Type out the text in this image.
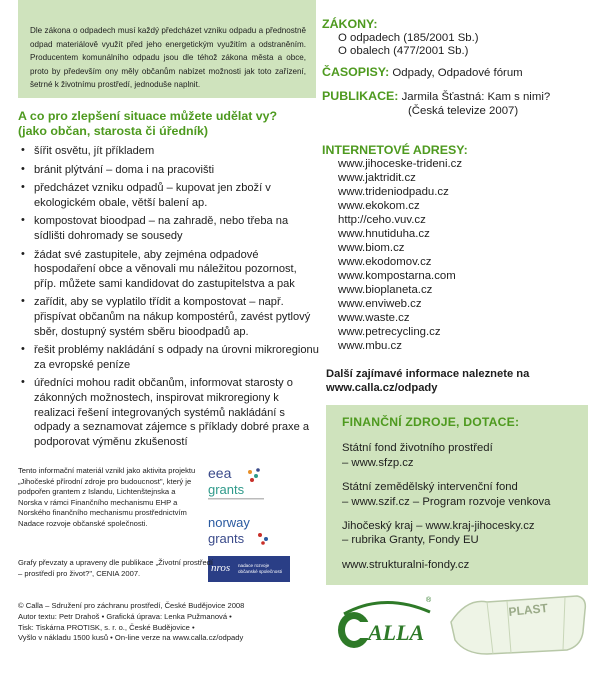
Dle zákona o odpadech musí každý předcházet vzniku odpadu a přednostně odpad materiálově využít před jeho energetickým využitím a odstraněním. Producentem komunálního odpadu jsou dle téhož zákona města a obce, proto by především ony měly občanům nabízet možnosti jak toto zařízení, šetrné k životnímu prostředí, jednoduše naplnit.
A co pro zlepšení situace můžete udělat vy? (jako občan, starosta či úředník)
• šířit osvětu, jít příkladem
• bránit plýtvání – doma i na pracovišti
• předcházet vzniku odpadů – kupovat jen zboží v ekologickém obale, větší balení ap.
• kompostovat bioodpad – na zahradě, nebo třeba na sídlišti dohromady se sousedy
• žádat své zastupitele, aby zejména odpadové hospodaření obce a věnovali mu náležitou pozornost, příp. můžete sami kandidovat do zastupitelstva a pak
• zařídit, aby se vyplatilo třídit a kompostovat – např. přispívat občanům na nákup kompostérů, zavést pytlový sběr, dostupný systém sběru bioodpadů ap.
• řešit problémy nakládání s odpady na úrovni mikroregionu za evropské peníze
• úředníci mohou radit občanům, informovat starosty o zákonných možnostech, inspirovat mikroregiony k realizaci řešení integrovaných systémů nakládání s odpady a seznamovat zájemce s příklady dobré praxe a podporovat výměnu zkušeností
Tento informační materiál vznikl jako aktivita projektu „Jihočeské přírodní zdroje pro budoucnost", který je podpořen grantem z Islandu, Lichtenštejnska a Norska v rámci Finančního mechanismu EHP a Norského finančního mechanismu prostřednictvím Nadace rozvoje občanské společnosti.
eea
grants
norway
grants
nros nadace rozvoje
občanské společnosti
Grafy převzaty a upraveny dle publikace „Životní prostředí – prostředí pro život?", CENIA 2007.
© Calla – Sdružení pro záchranu prostředí, České Budějovice 2008
Autor textu: Petr Drahoš • Grafická úprava: Lenka Pužmanová •
Tisk: Tiskárna PROTISK, s. r. o., České Budějovice •
Vyšlo v nákladu 1500 kusů • On-line verze na www.calla.cz/odpady
ZÁKONY:
O odpadech (185/2001 Sb.)
O obalech (477/2001 Sb.)
ČASOPISY: Odpady, Odpadové fórum
PUBLIKACE: Jarmila Šťastná: Kam s nimi?
(Česká televize 2007)
INTERNETOVÉ ADRESY:
www.jihoceske-trideni.cz
www.jaktridit.cz
www.trideniodpadu.cz
www.ekokom.cz
http://ceho.vuv.cz
www.hnutiduha.cz
www.biom.cz
www.ekodomov.cz
www.kompostarna.com
www.bioplaneta.cz
www.enviweb.cz
www.waste.cz
www.petrecycling.cz
www.mbu.cz
Další zajímavé informace naleznete na
www.calla.cz/odpady
FINANČNÍ ZDROJE, DOTACE:
Státní fond životního prostředí
– www.sfzp.cz
Státní zemědělský intervenční fond
– www.szif.cz – Program rozvoje venkova
Jihočeský kraj – www.kraj-jihocesky.cz
– rubrika Granty, Fondy EU
www.strukturalni-fondy.cz
ALLA
®
PLAST
